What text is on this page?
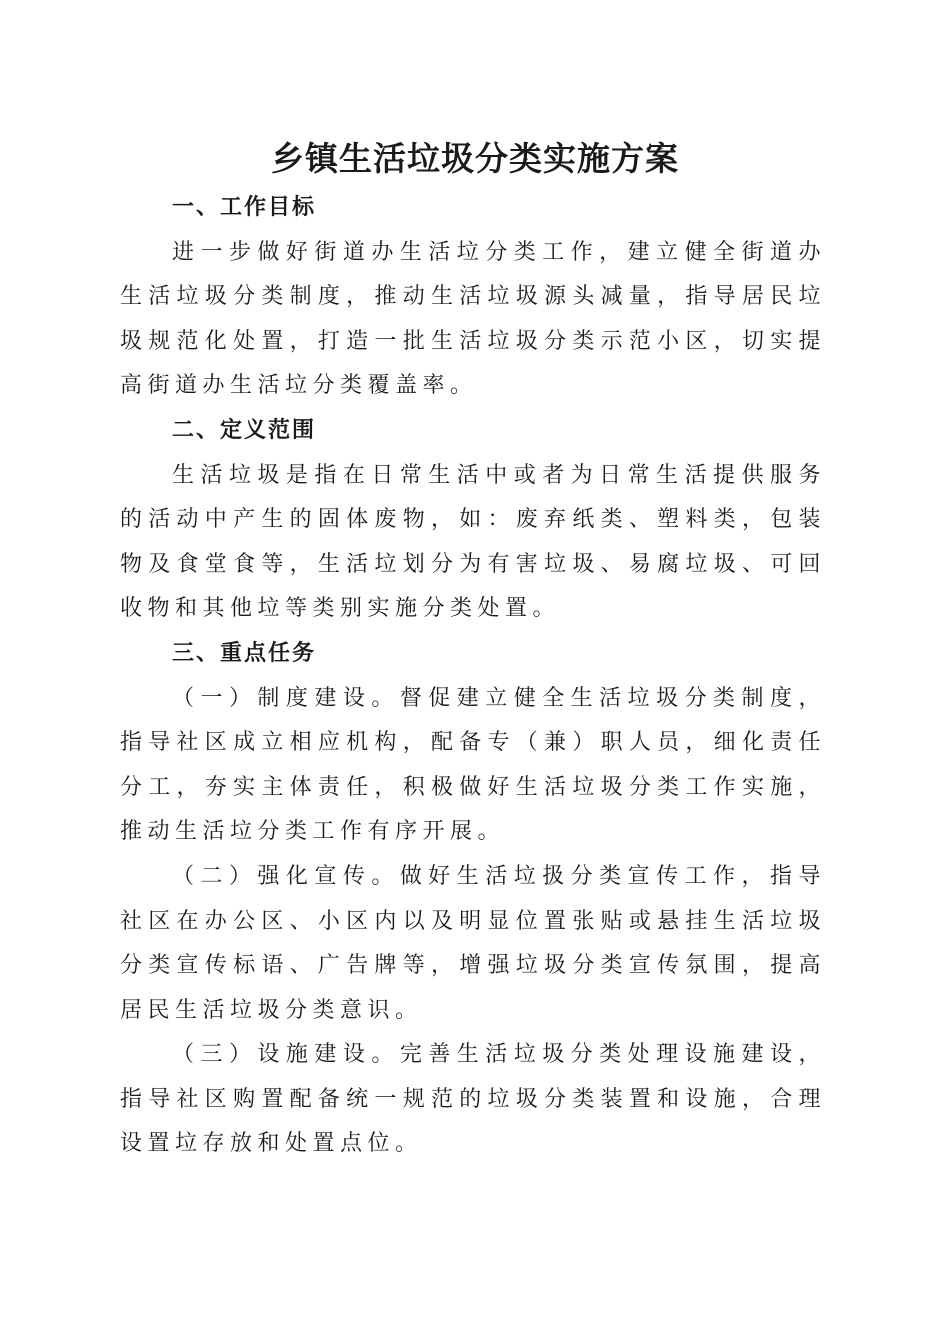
乡镇生活垃圾分类实施方案

一、工作目标

进一步做好街道办生活垃分类工作，建立健全街道办生活垃圾分类制度，推动生活垃圾源头减量，指导居民垃圾规范化处置，打造一批生活垃圾分类示范小区，切实提高街道办生活垃分类覆盖率。

二、定义范围

生活垃圾是指在日常生活中或者为日常生活提供服务的活动中产生的固体废物，如：废弃纸类、塑料类，包装物及食堂食等，生活垃划分为有害垃圾、易腐垃圾、可回收物和其他垃等类别实施分类处置。

三、重点任务

（一）制度建设。督促建立健全生活垃圾分类制度，指导社区成立相应机构，配备专（兼）职人员，细化责任分工，夯实主体责任，积极做好生活垃圾分类工作实施，推动生活垃分类工作有序开展。

（二）强化宣传。做好生活垃扱分类宣传工作，指导社区在办公区、小区内以及明显位置张贴或悬挂生活垃圾分类宣传标语、广告牌等，增强垃圾分类宣传氛围，提高居民生活垃圾分类意识。

（三）设施建设。完善生活垃圾分类处理设施建设，指导社区购置配备统一规范的垃圾分类装置和设施，合理设置垃存放和处置点位。
